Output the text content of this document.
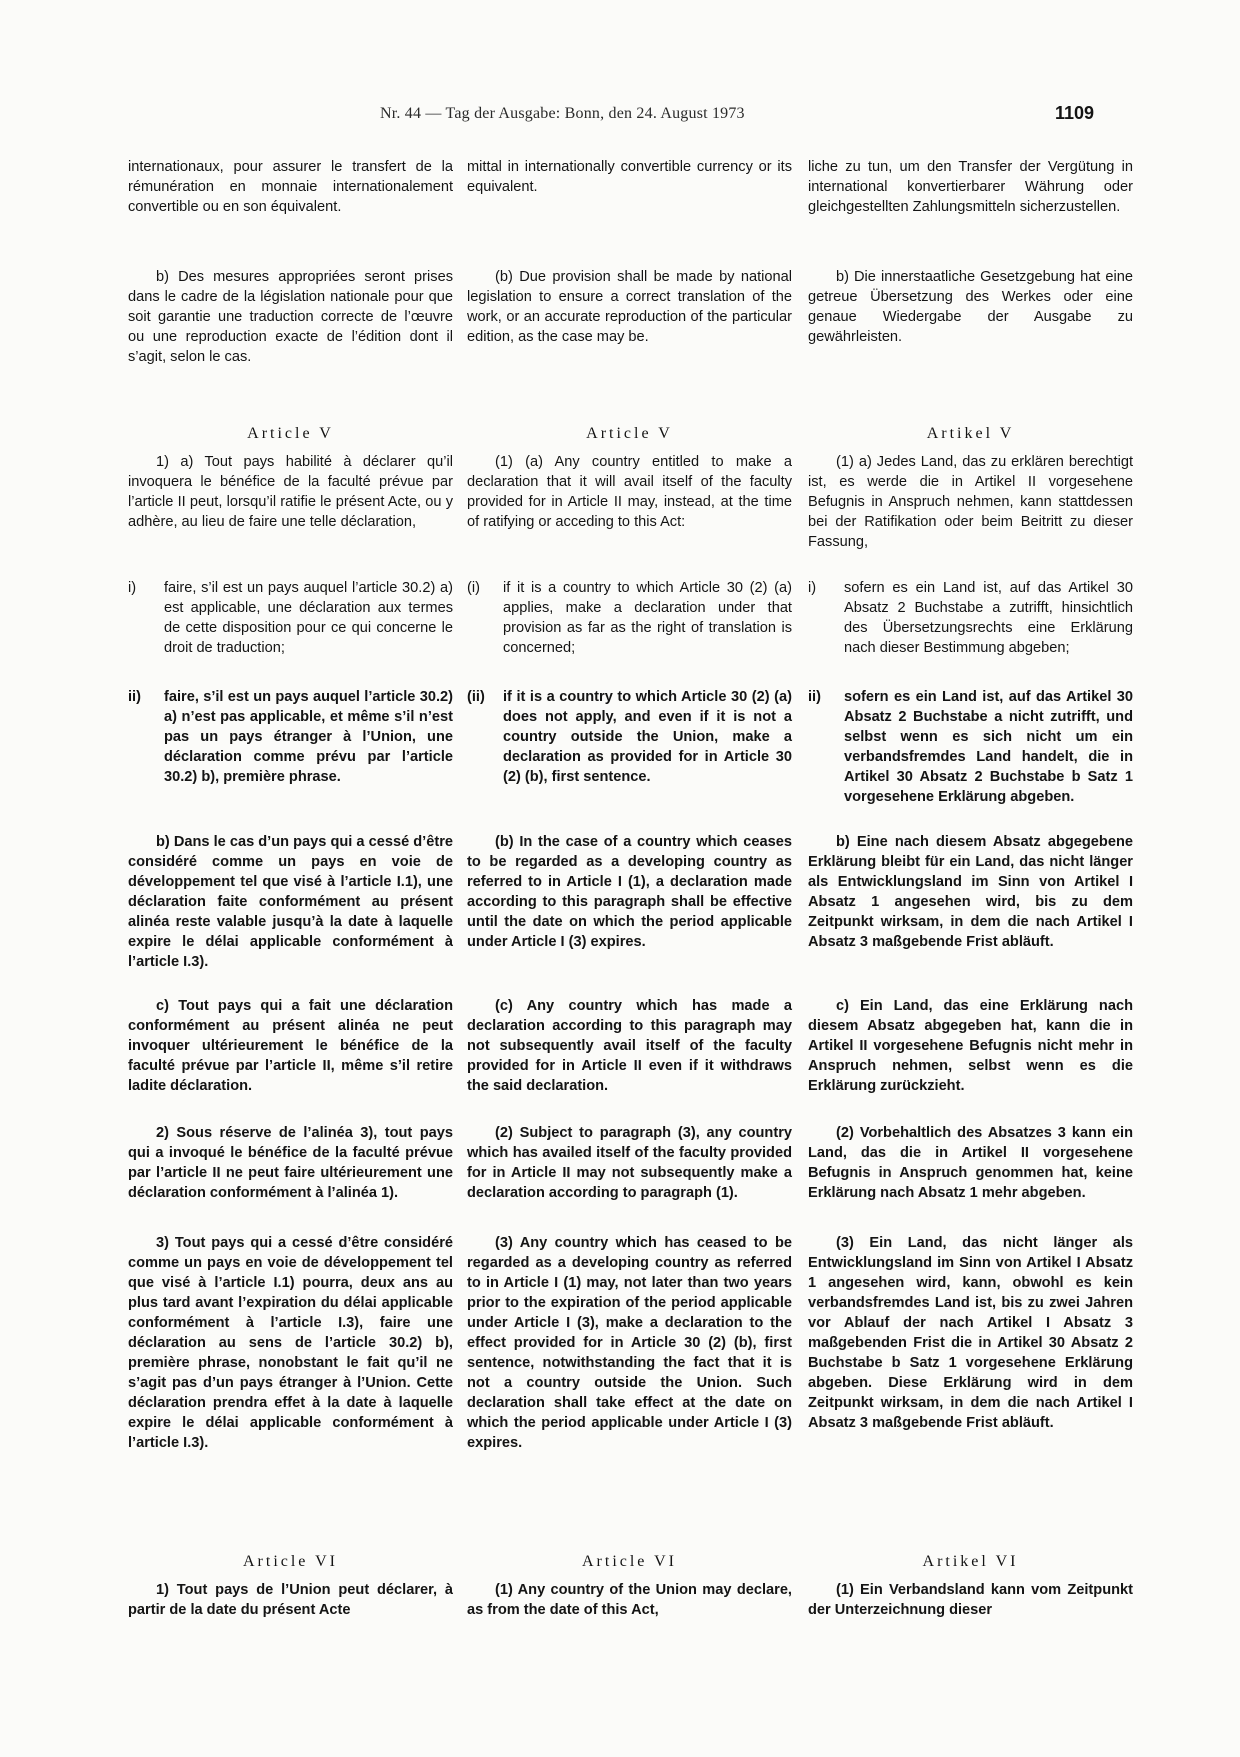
Nr. 44 — Tag der Ausgabe: Bonn, den 24. August 1973	1109

internationaux, pour assurer le transfert de la rémunération en monnaie internationalement convertible ou en son équivalent.

b) Des mesures appropriées seront prises dans le cadre de la législation nationale pour que soit garantie une traduction correcte de l’œuvre ou une reproduction exacte de l’édition dont il s’agit, selon le cas.

Article V

1) a) Tout pays habilité à déclarer qu’il invoquera le bénéfice de la faculté prévue par l’article II peut, lorsqu’il ratifie le présent Acte, ou y adhère, au lieu de faire une telle déclaration,

i)	faire, s’il est un pays auquel l’article 30.2) a) est applicable, une déclaration aux termes de cette disposition pour ce qui concerne le droit de traduction;
ii)	faire, s’il est un pays auquel l’article 30.2) a) n’est pas applicable, et même s’il n’est pas un pays étranger à l’Union, une déclaration comme prévu par l’article 30.2) b), première phrase.

b) Dans le cas d’un pays qui a cessé d’être considéré comme un pays en voie de développement tel que visé à l’article I.1), une déclaration faite conformément au présent alinéa reste valable jusqu’à la date à laquelle expire le délai applicable conformément à l’article I.3).

c) Tout pays qui a fait une déclaration conformément au présent alinéa ne peut invoquer ultérieurement le bénéfice de la faculté prévue par l’article II, même s’il retire ladite déclaration.

2) Sous réserve de l’alinéa 3), tout pays qui a invoqué le bénéfice de la faculté prévue par l’article II ne peut faire ultérieurement une déclaration conformément à l’alinéa 1).

3) Tout pays qui a cessé d’être considéré comme un pays en voie de développement tel que visé à l’article I.1) pourra, deux ans au plus tard avant l’expiration du délai applicable conformément à l’article I.3), faire une déclaration au sens de l’article 30.2) b), première phrase, nonobstant le fait qu’il ne s’agit pas d’un pays étranger à l’Union. Cette déclaration prendra effet à la date à laquelle expire le délai applicable conformément à l’article I.3).

Article VI

1) Tout pays de l’Union peut déclarer, à partir de la date du présent Acte

mittal in internationally convertible currency or its equivalent.

(b) Due provision shall be made by national legislation to ensure a correct translation of the work, or an accurate reproduction of the particular edition, as the case may be.

Article V

(1) (a) Any country entitled to make a declaration that it will avail itself of the faculty provided for in Article II may, instead, at the time of ratifying or acceding to this Act:

(i)	if it is a country to which Article 30 (2) (a) applies, make a declaration under that provision as far as the right of translation is concerned;
(ii)	if it is a country to which Article 30 (2) (a) does not apply, and even if it is not a country outside the Union, make a declaration as provided for in Article 30 (2) (b), first sentence.

(b) In the case of a country which ceases to be regarded as a developing country as referred to in Article I (1), a declaration made according to this paragraph shall be effective until the date on which the period applicable under Article I (3) expires.

(c) Any country which has made a declaration according to this paragraph may not subsequently avail itself of the faculty provided for in Article II even if it withdraws the said declaration.

(2) Subject to paragraph (3), any country which has availed itself of the faculty provided for in Article II may not subsequently make a declaration according to paragraph (1).

(3) Any country which has ceased to be regarded as a developing country as referred to in Article I (1) may, not later than two years prior to the expiration of the period applicable under Article I (3), make a declaration to the effect provided for in Article 30 (2) (b), first sentence, notwithstanding the fact that it is not a country outside the Union. Such declaration shall take effect at the date on which the period applicable under Article I (3) expires.

Article VI

(1) Any country of the Union may declare, as from the date of this Act,

liche zu tun, um den Transfer der Vergütung in international konvertierbarer Währung oder gleichgestellten Zahlungsmitteln sicherzustellen.

b) Die innerstaatliche Gesetzgebung hat eine getreue Übersetzung des Werkes oder eine genaue Wiedergabe der Ausgabe zu gewährleisten.

Artikel V

(1) a) Jedes Land, das zu erklären berechtigt ist, es werde die in Artikel II vorgesehene Befugnis in Anspruch nehmen, kann stattdessen bei der Ratifikation oder beim Beitritt zu dieser Fassung,

i)	sofern es ein Land ist, auf das Artikel 30 Absatz 2 Buchstabe a zutrifft, hinsichtlich des Übersetzungsrechts eine Erklärung nach dieser Bestimmung abgeben;
ii)	sofern es ein Land ist, auf das Artikel 30 Absatz 2 Buchstabe a nicht zutrifft, und selbst wenn es sich nicht um ein verbandsfremdes Land handelt, die in Artikel 30 Absatz 2 Buchstabe b Satz 1 vorgesehene Erklärung abgeben.

b) Eine nach diesem Absatz abgegebene Erklärung bleibt für ein Land, das nicht länger als Entwicklungsland im Sinn von Artikel I Absatz 1 angesehen wird, bis zu dem Zeitpunkt wirksam, in dem die nach Artikel I Absatz 3 maßgebende Frist abläuft.

c) Ein Land, das eine Erklärung nach diesem Absatz abgegeben hat, kann die in Artikel II vorgesehene Befugnis nicht mehr in Anspruch nehmen, selbst wenn es die Erklärung zurückzieht.

(2) Vorbehaltlich des Absatzes 3 kann ein Land, das die in Artikel II vorgesehene Befugnis in Anspruch genommen hat, keine Erklärung nach Absatz 1 mehr abgeben.

(3) Ein Land, das nicht länger als Entwicklungsland im Sinn von Artikel I Absatz 1 angesehen wird, kann, obwohl es kein verbandsfremdes Land ist, bis zu zwei Jahren vor Ablauf der nach Artikel I Absatz 3 maßgebenden Frist die in Artikel 30 Absatz 2 Buchstabe b Satz 1 vorgesehene Erklärung abgeben. Diese Erklärung wird in dem Zeitpunkt wirksam, in dem die nach Artikel I Absatz 3 maßgebende Frist abläuft.

Artikel VI

(1) Ein Verbandsland kann vom Zeitpunkt der Unterzeichnung dieser
